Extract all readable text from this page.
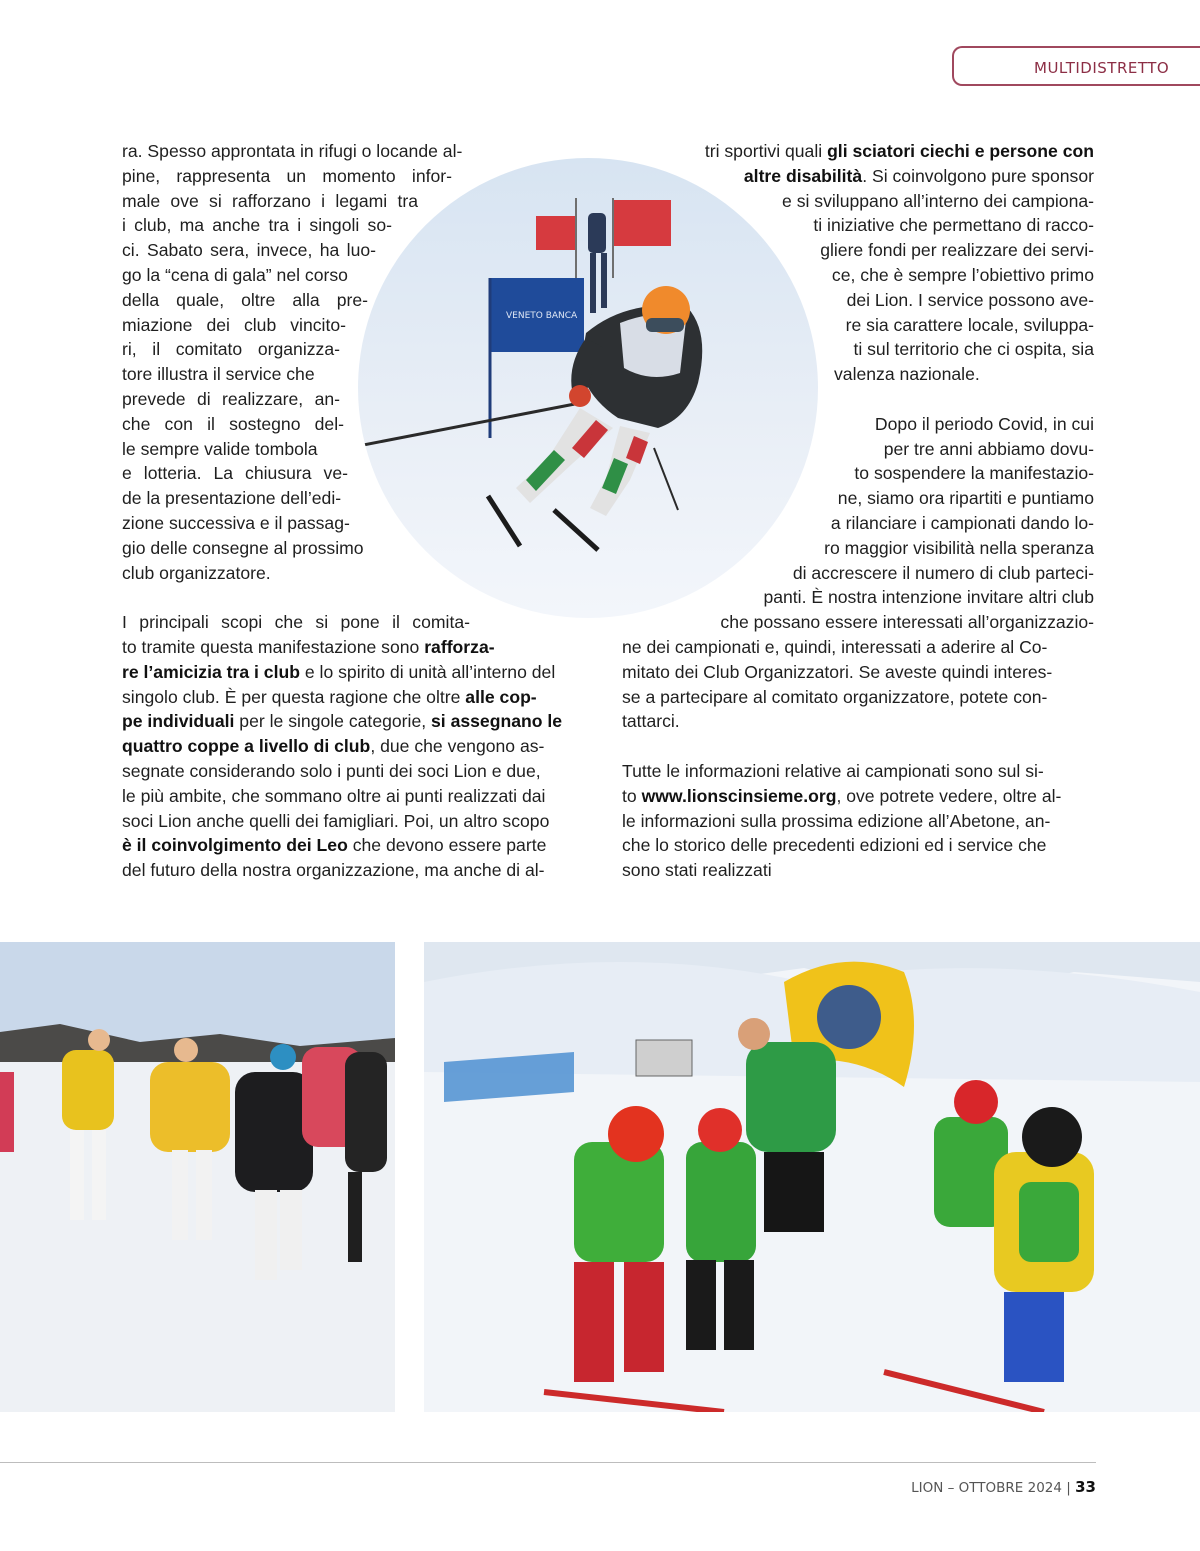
MULTIDISTRETTO
VENETO BANCA

ra. Spesso approntata in rifugi o locande al-

pine, rappresenta un momento infor-

male ove si rafforzano i legami tra

i club, ma anche tra i singoli so-

ci. Sabato sera, invece, ha luo-

go la “cena di gala” nel corso

della quale, oltre alla pre-

miazione dei club vincito-

ri, il comitato organizza-

tore illustra il service che

prevede di realizzare, an-

che con il sostegno del-

le sempre valide tombola

e lotteria. La chiusura ve-

de la presentazione dell’edi-

zione successiva e il passag-

gio delle consegne al prossimo

club organizzatore.

I principali scopi che si pone il comita-

to tramite questa manifestazione sono rafforza-

re l’amicizia tra i club e lo spirito di unità all’interno del

singolo club. È per questa ragione che oltre alle cop-

pe individuali per le singole categorie, si assegnano le

quattro coppe a livello di club, due che vengono as-

segnate considerando solo i punti dei soci Lion e due,

le più ambite, che sommano oltre ai punti realizzati dai

soci Lion anche quelli dei famigliari. Poi, un altro scopo

è il coinvolgimento dei Leo che devono essere parte

del futuro della nostra organizzazione, ma anche di al-

tri sportivi quali gli sciatori ciechi e persone con

altre disabilità. Si coinvolgono pure sponsor

e si sviluppano all’interno dei campiona-

ti iniziative che permettano di racco-

gliere fondi per realizzare dei servi-

ce, che è sempre l’obiettivo primo

dei Lion. I service possono ave-

re sia carattere locale, sviluppa-

ti sul territorio che ci ospita, sia

valenza nazionale.

Dopo il periodo Covid, in cui

per tre anni abbiamo dovu-

to sospendere la manifestazio-

ne, siamo ora ripartiti e puntiamo

a rilanciare i campionati dando lo-

ro maggior visibilità nella speranza

di accrescere il numero di club parteci-

panti. È nostra intenzione invitare altri club

che possano essere interessati all’organizzazio-

ne dei campionati e, quindi, interessati a aderire al Co-

mitato dei Club Organizzatori. Se aveste quindi interes-

se a partecipare al comitato organizzatore, potete con-

tattarci.

Tutte le informazioni relative ai campionati sono sul si-

to www.lionscinsieme.org, ove potrete vedere, oltre al-

le informazioni sulla prossima edizione all’Abetone, an-

che lo storico delle precedenti edizioni ed i service che

sono stati realizzati

LION – OTTOBRE 2024 | 33
